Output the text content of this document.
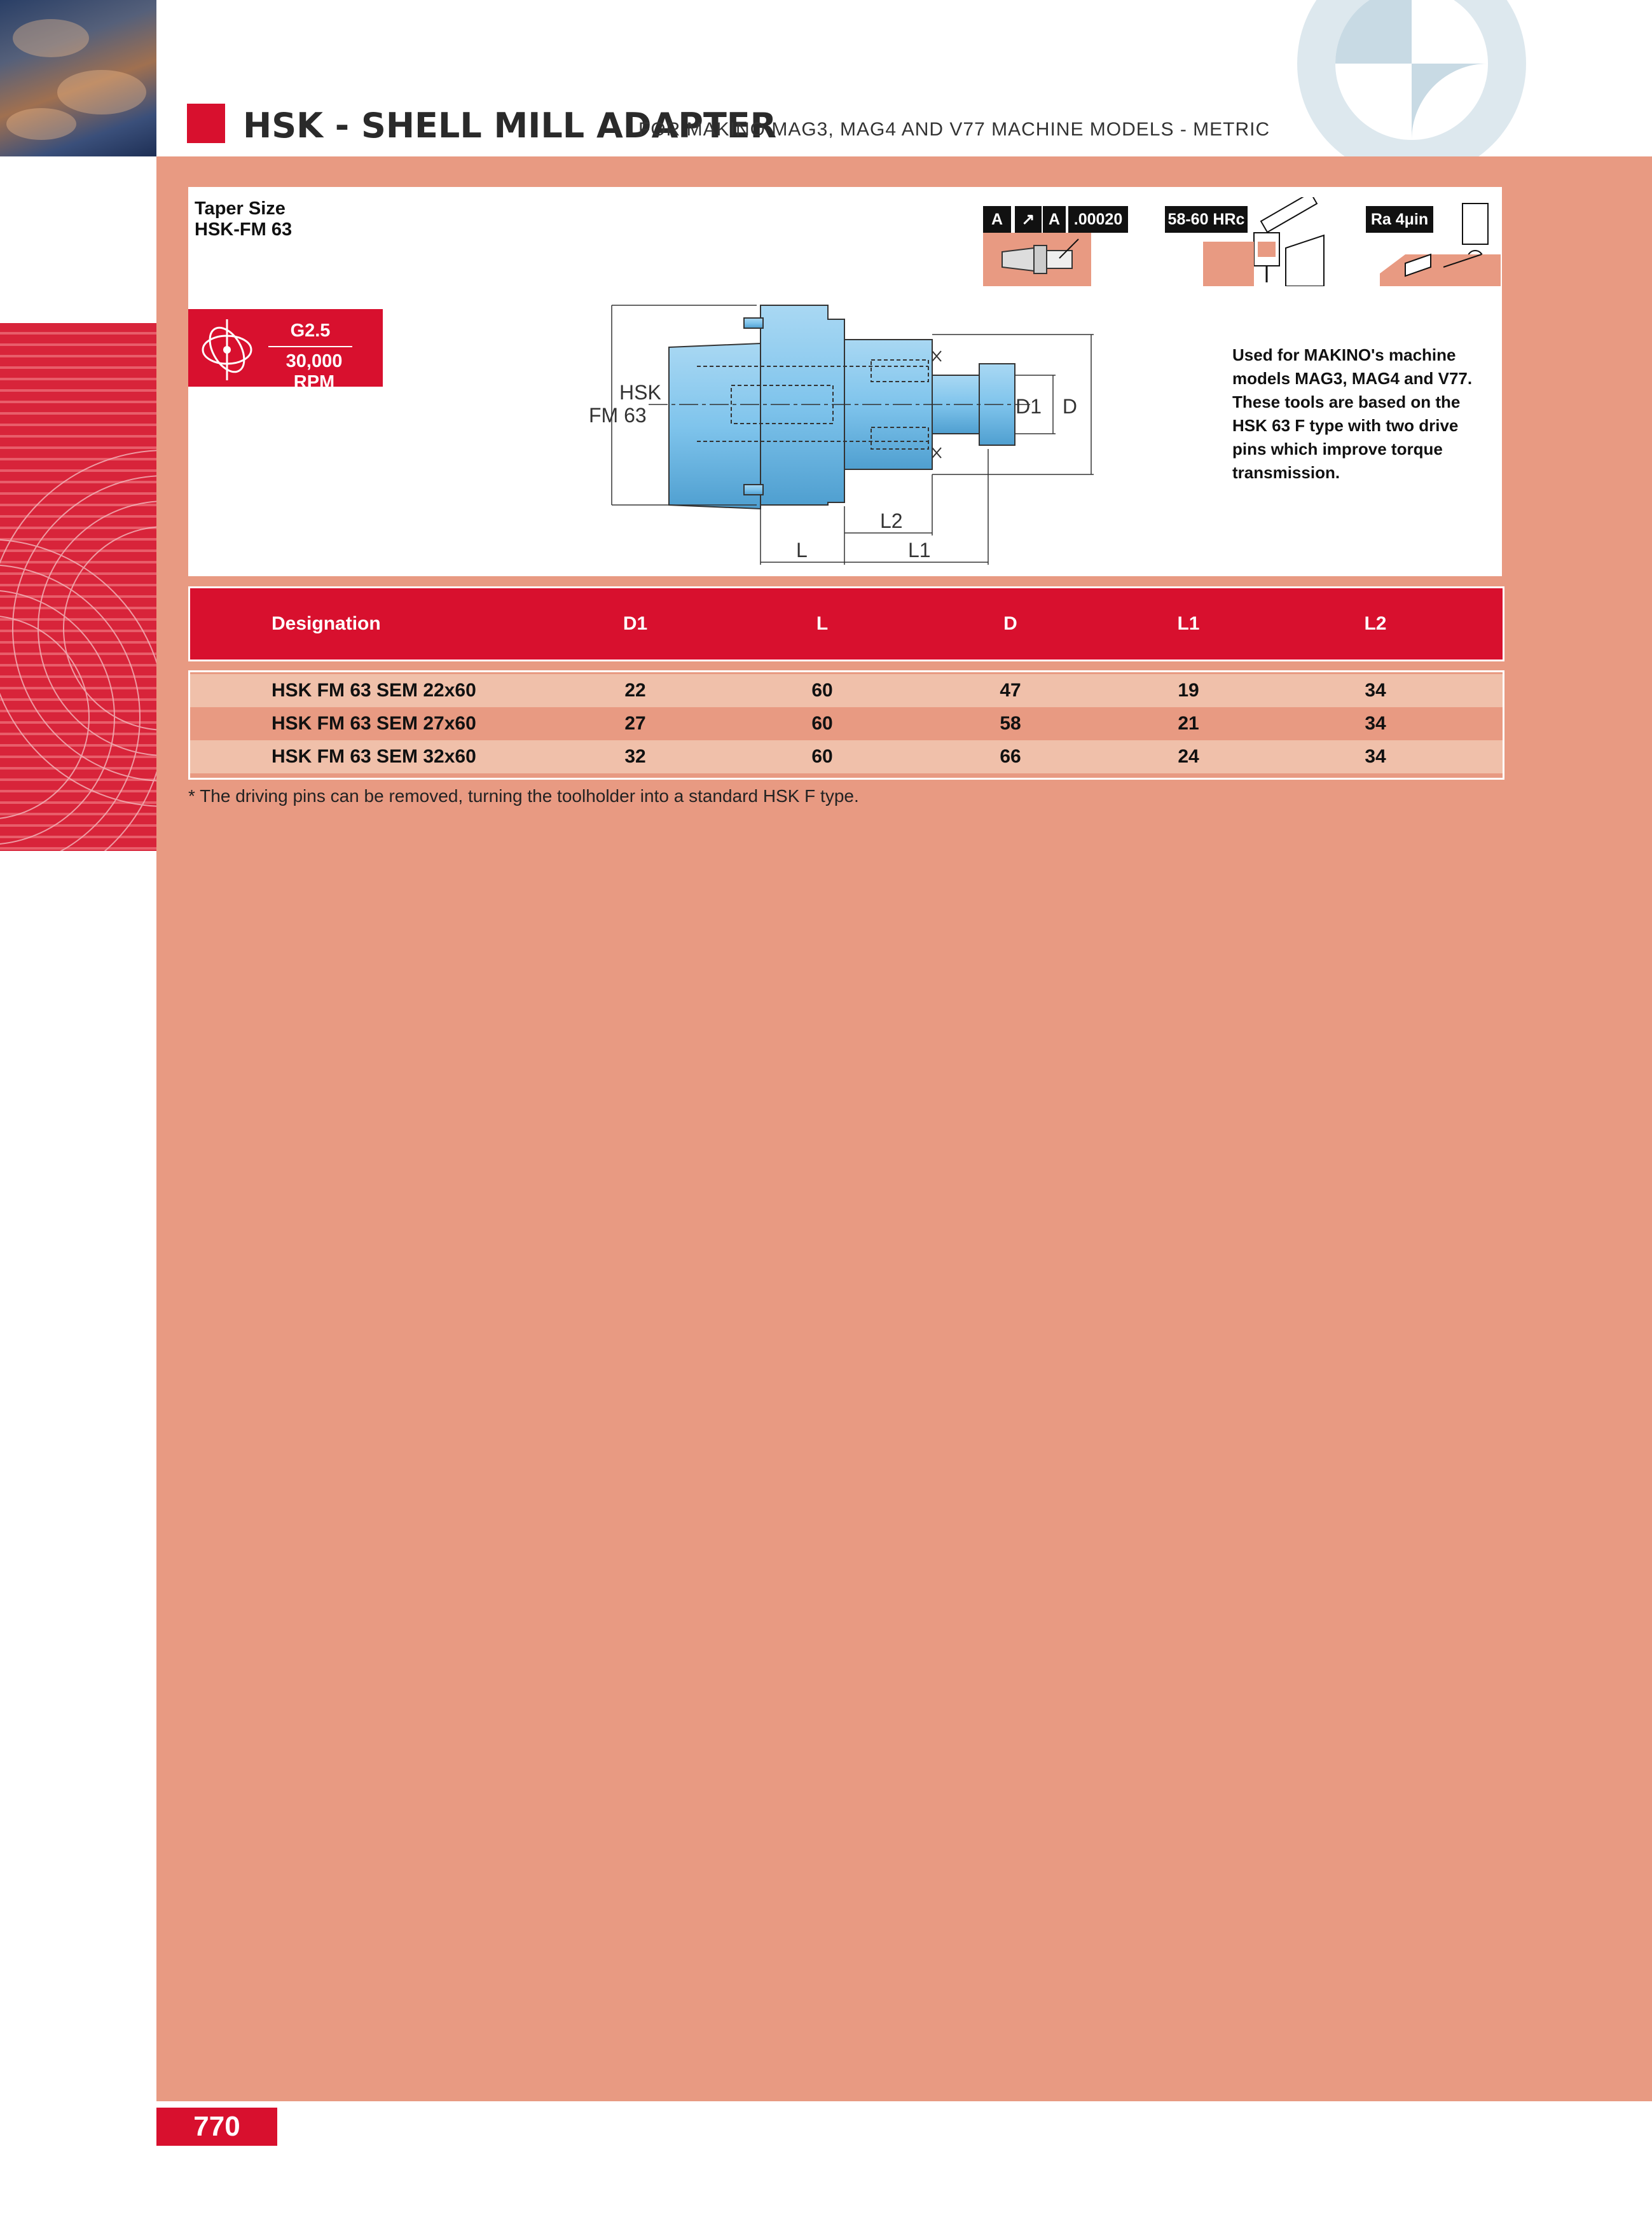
HSK - SHELL MILL ADAPTER
FOR MAKINO MAG3, MAG4 AND V77 MACHINE MODELS - METRIC
Taper Size
HSK-FM 63
G2.5
30,000 RPM
A	↗ A .00020	58-60 HRc	Ra 4μin
HSK
FM 63	D1 D
L2
L	L1
Used for MAKINO's machine models MAG3, MAG4 and V77. These tools are based on the HSK 63 F type with two drive pins which improve torque transmission.
Designation	D1	L	D	L1	L2
HSK FM 63 SEM 22x60	22	60	47	19	34
HSK FM 63 SEM 27x60	27	60	58	21	34
HSK FM 63 SEM 32x60	32	60	66	24	34
* The driving pins can be removed, turning the toolholder into a standard HSK F type.
770
